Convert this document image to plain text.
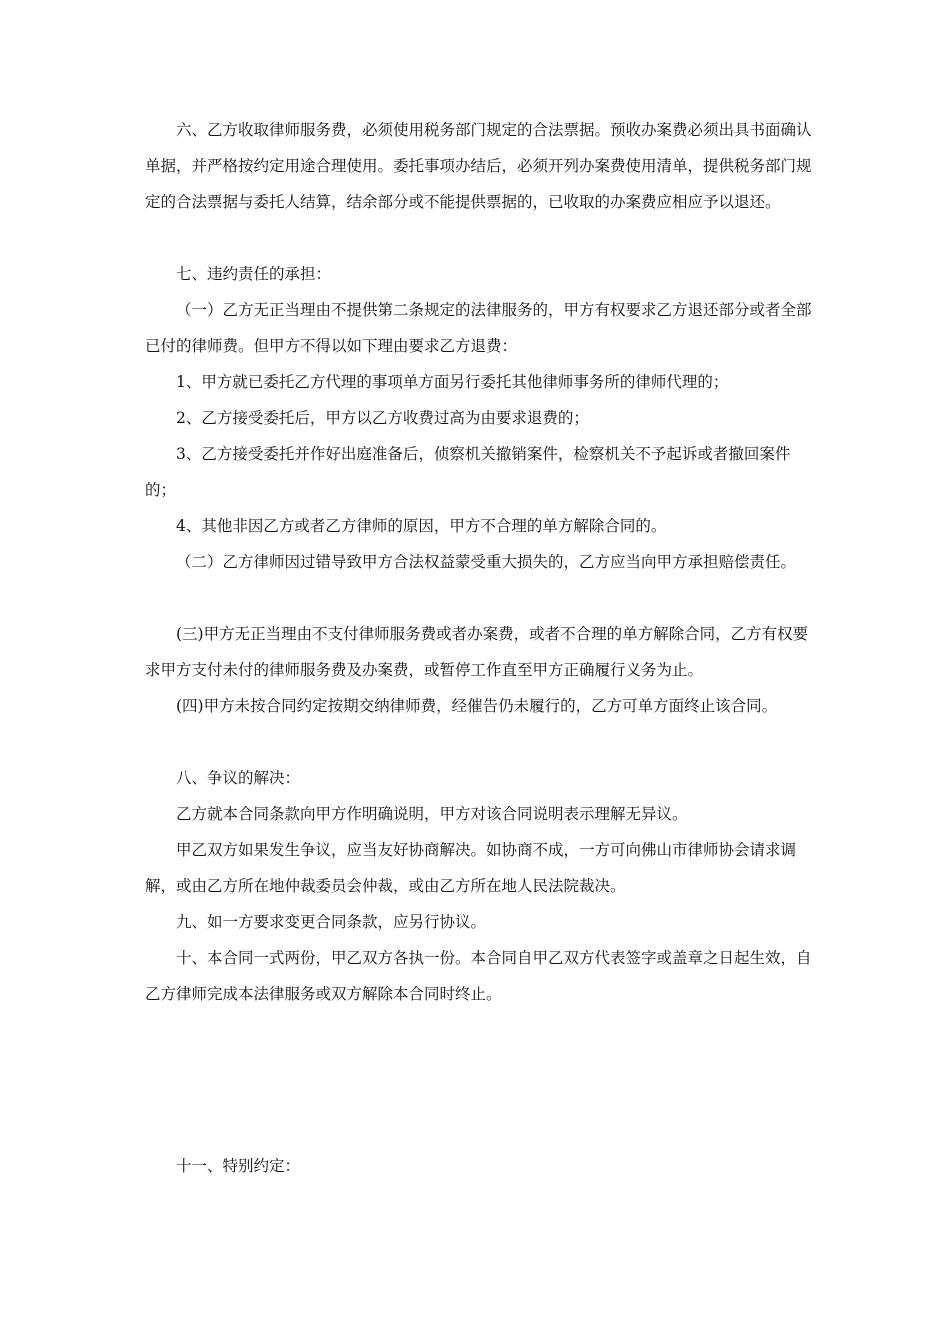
六、乙方收取律师服务费，必须使用税务部门规定的合法票据。预收办案费必须出具书面确认单据，并严格按约定用途合理使用。委托事项办结后，必须开列办案费使用清单，提供税务部门规定的合法票据与委托人结算，结余部分或不能提供票据的，已收取的办案费应相应予以退还。

七、违约责任的承担：

（一）乙方无正当理由不提供第二条规定的法律服务的，甲方有权要求乙方退还部分或者全部已付的律师费。但甲方不得以如下理由要求乙方退费：

1、甲方就已委托乙方代理的事项单方面另行委托其他律师事务所的律师代理的；

2、乙方接受委托后，甲方以乙方收费过高为由要求退费的；

3、乙方接受委托并作好出庭准备后，侦察机关撤销案件，检察机关不予起诉或者撤回案件的；

4、其他非因乙方或者乙方律师的原因，甲方不合理的单方解除合同的。

（二）乙方律师因过错导致甲方合法权益蒙受重大损失的，乙方应当向甲方承担赔偿责任。

(三)甲方无正当理由不支付律师服务费或者办案费，或者不合理的单方解除合同，乙方有权要求甲方支付未付的律师服务费及办案费，或暂停工作直至甲方正确履行义务为止。

(四)甲方未按合同约定按期交纳律师费，经催告仍未履行的，乙方可单方面终止该合同。

八、争议的解决：

乙方就本合同条款向甲方作明确说明，甲方对该合同说明表示理解无异议。

甲乙双方如果发生争议，应当友好协商解决。如协商不成，一方可向佛山市律师协会请求调解，或由乙方所在地仲裁委员会仲裁，或由乙方所在地人民法院裁决。

九、如一方要求变更合同条款，应另行协议。

十、本合同一式两份，甲乙双方各执一份。本合同自甲乙双方代表签字或盖章之日起生效，自乙方律师完成本法律服务或双方解除本合同时终止。

十一、特别约定：
